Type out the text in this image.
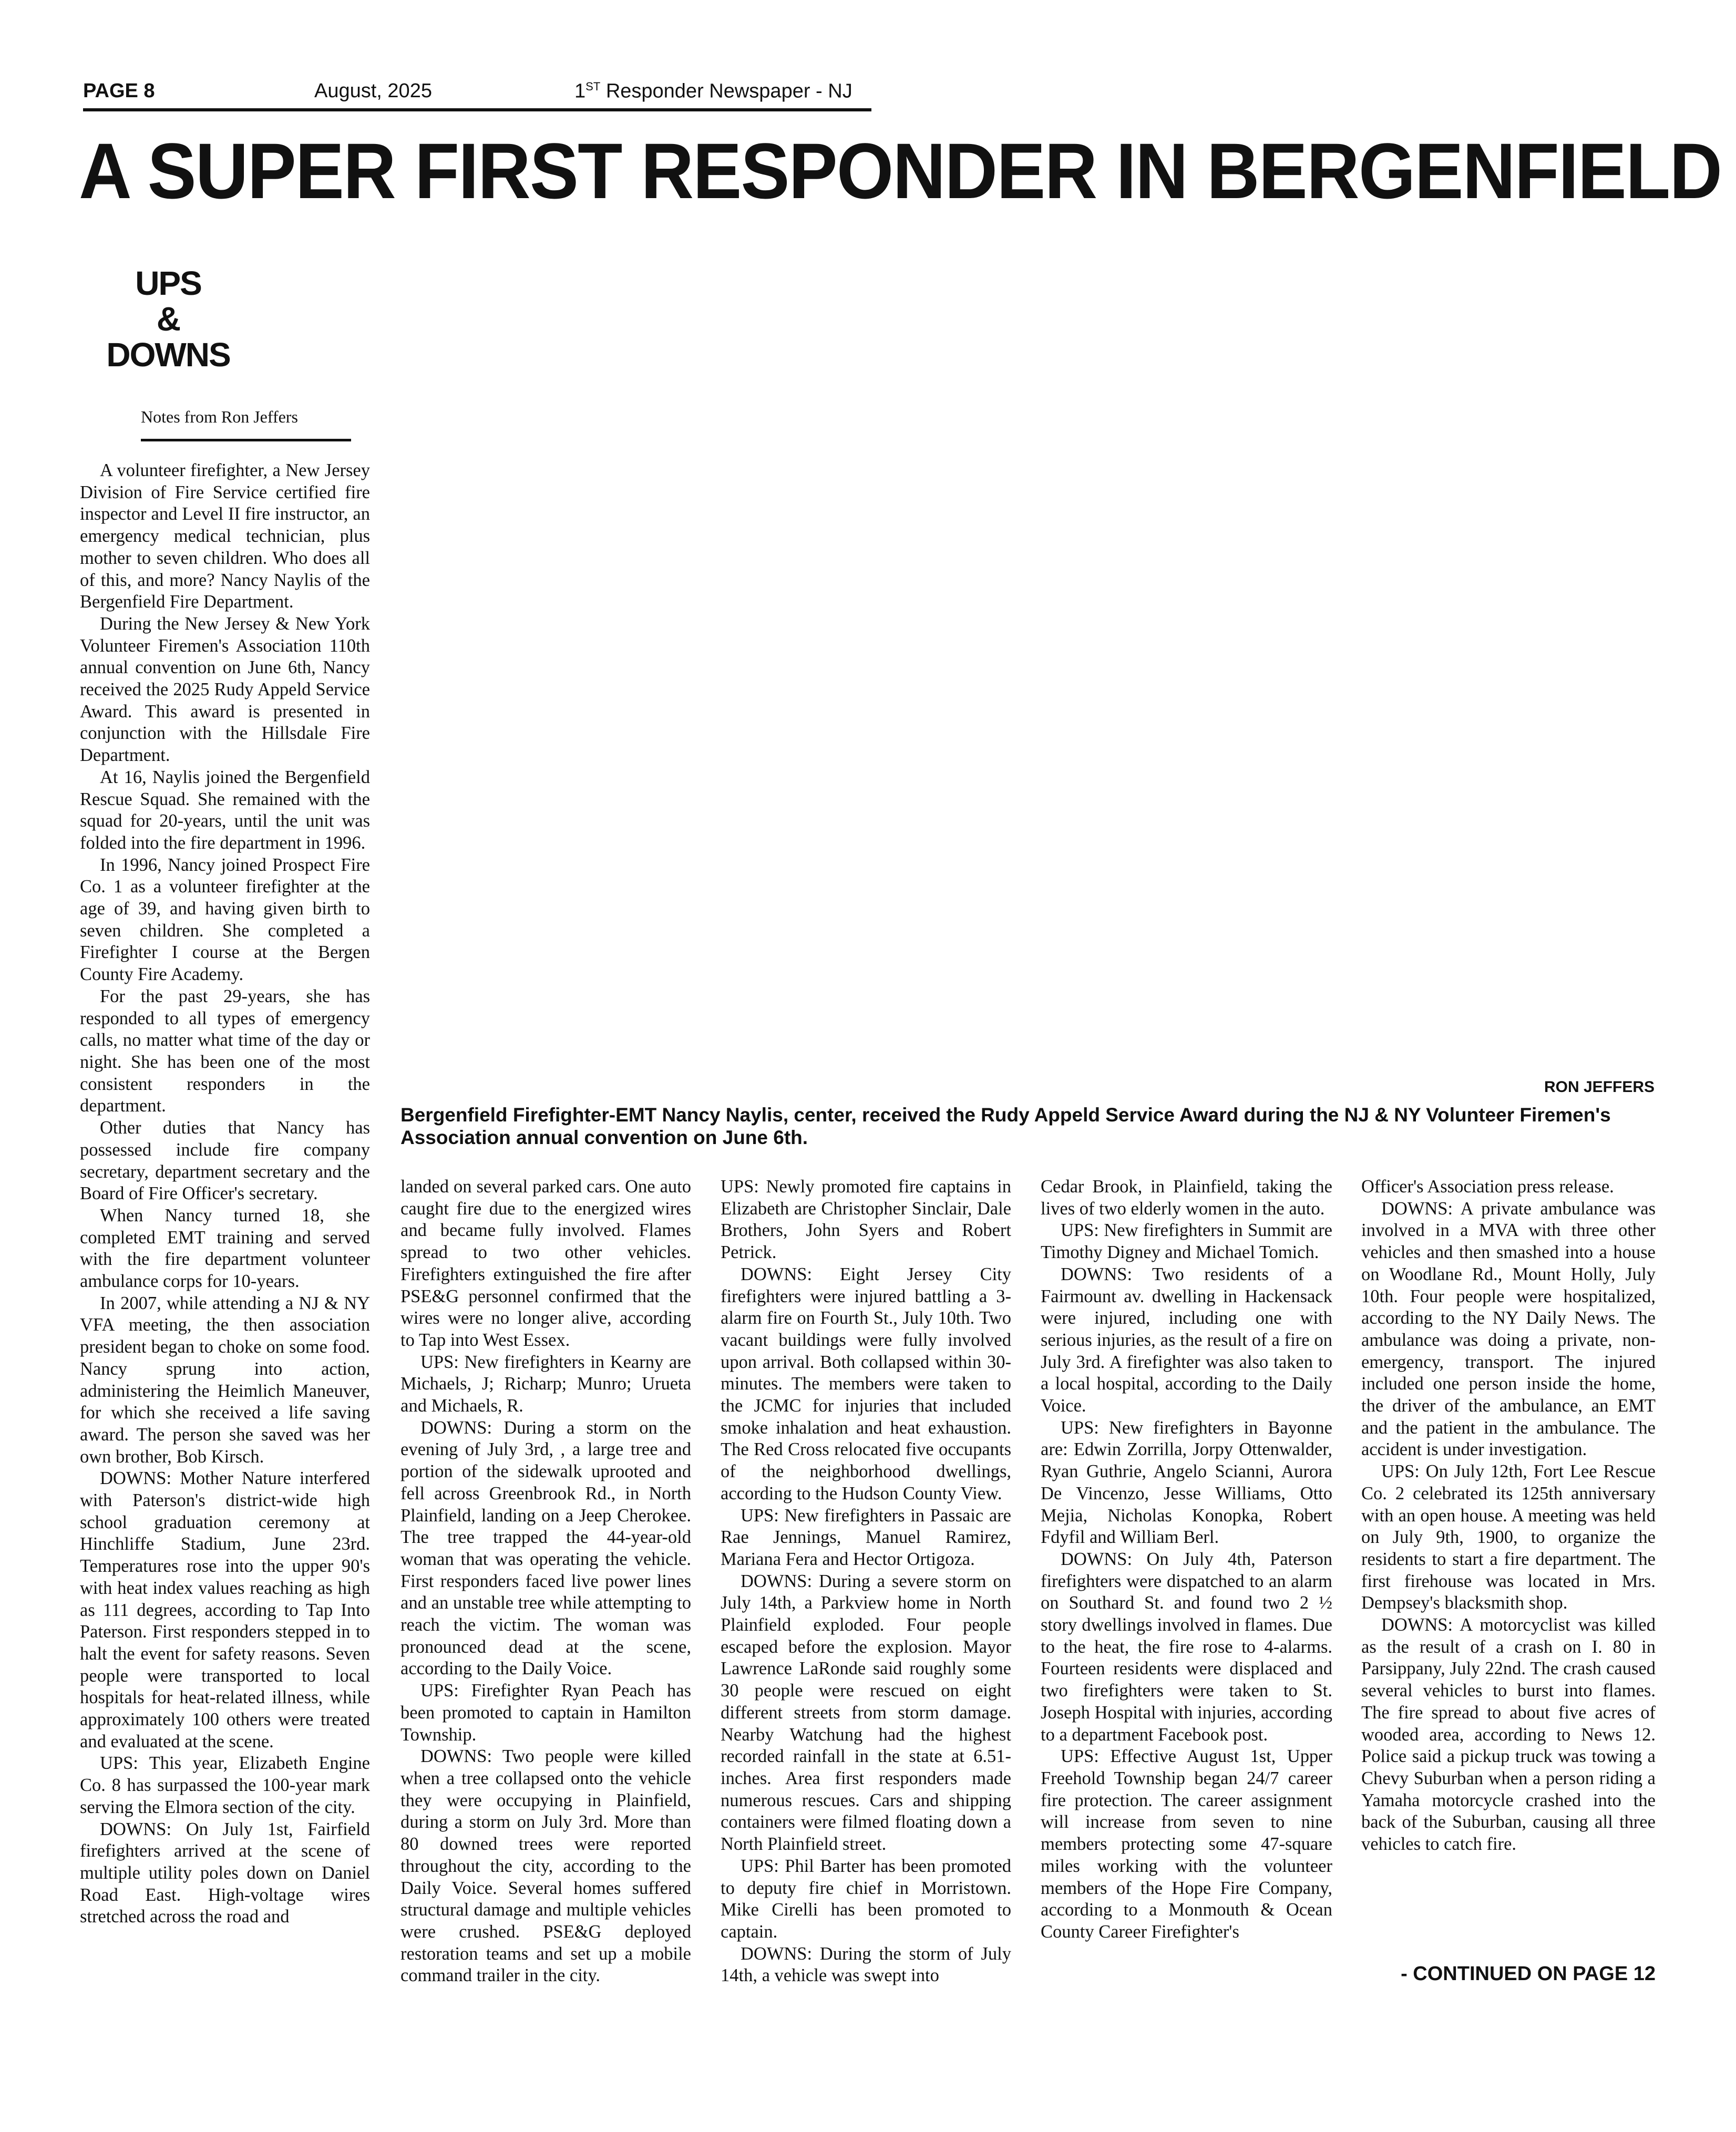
PAGE 8	August, 2025	1ST Responder Newspaper - NJ
A SUPER FIRST RESPONDER IN BERGENFIELD
UPS
&
DOWNS
Notes from Ron Jeffers
RON JEFFERS
Bergenfield Firefighter-EMT Nancy Naylis, center, received the Rudy Appeld Service Award during the NJ & NY Volunteer Firemen's Association annual convention on June 6th.

A volunteer firefighter, a New Jersey Division of Fire Service certified fire inspector and Level II fire instructor, an emergency medical technician, plus mother to seven children. Who does all of this, and more? Nancy Naylis of the Bergenfield Fire Department.

During the New Jersey & New York Volunteer Firemen's Association 110th annual convention on June 6th, Nancy received the 2025 Rudy Appeld Service Award. This award is presented in conjunction with the Hillsdale Fire Department.

At 16, Naylis joined the Bergenfield Rescue Squad. She remained with the squad for 20-years, until the unit was folded into the fire department in 1996.

In 1996, Nancy joined Prospect Fire Co. 1 as a volunteer firefighter at the age of 39, and having given birth to seven children. She completed a Firefighter I course at the Bergen County Fire Academy.

For the past 29-years, she has responded to all types of emergency calls, no matter what time of the day or night. She has been one of the most consistent responders in the department.

Other duties that Nancy has possessed include fire company secretary, department secretary and the Board of Fire Officer's secretary.

When Nancy turned 18, she completed EMT training and served with the fire department volunteer ambulance corps for 10-years.

In 2007, while attending a NJ & NY VFA meeting, the then association president began to choke on some food. Nancy sprung into action, administering the Heimlich Maneuver, for which she received a life saving award. The person she saved was her own brother, Bob Kirsch.

DOWNS: Mother Nature interfered with Paterson's district-wide high school graduation ceremony at Hinchliffe Stadium, June 23rd. Temperatures rose into the upper 90's with heat index values reaching as high as 111 degrees, according to Tap Into Paterson. First responders stepped in to halt the event for safety reasons. Seven people were transported to local hospitals for heat-related illness, while approximately 100 others were treated and evaluated at the scene.

UPS: This year, Elizabeth Engine Co. 8 has surpassed the 100-year mark serving the Elmora section of the city.

DOWNS: On July 1st, Fairfield firefighters arrived at the scene of multiple utility poles down on Daniel Road East. High-voltage wires stretched across the road and

landed on several parked cars. One auto caught fire due to the energized wires and became fully involved. Flames spread to two other vehicles. Firefighters extinguished the fire after PSE&G personnel confirmed that the wires were no longer alive, according to Tap into West Essex.

UPS: New firefighters in Kearny are Michaels, J; Richarp; Munro; Urueta and Michaels, R.

DOWNS: During a storm on the evening of July 3rd, , a large tree and portion of the sidewalk uprooted and fell across Greenbrook Rd., in North Plainfield, landing on a Jeep Cherokee. The tree trapped the 44-year-old woman that was operating the vehicle. First responders faced live power lines and an unstable tree while attempting to reach the victim. The woman was pronounced dead at the scene, according to the Daily Voice.

UPS: Firefighter Ryan Peach has been promoted to captain in Hamilton Township.

DOWNS: Two people were killed when a tree collapsed onto the vehicle they were occupying in Plainfield, during a storm on July 3rd. More than 80 downed trees were reported throughout the city, according to the Daily Voice. Several homes suffered structural damage and multiple vehicles were crushed. PSE&G deployed restoration teams and set up a mobile command trailer in the city.

UPS: Newly promoted fire captains in Elizabeth are Christopher Sinclair, Dale Brothers, John Syers and Robert Petrick.

DOWNS: Eight Jersey City firefighters were injured battling a 3-alarm fire on Fourth St., July 10th. Two vacant buildings were fully involved upon arrival. Both collapsed within 30-minutes. The members were taken to the JCMC for injuries that included smoke inhalation and heat exhaustion. The Red Cross relocated five occupants of the neighborhood dwellings, according to the Hudson County View.

UPS: New firefighters in Passaic are Rae Jennings, Manuel Ramirez, Mariana Fera and Hector Ortigoza.

DOWNS: During a severe storm on July 14th, a Parkview home in North Plainfield exploded. Four people escaped before the explosion. Mayor Lawrence LaRonde said roughly some 30 people were rescued on eight different streets from storm damage. Nearby Watchung had the highest recorded rainfall in the state at 6.51-inches. Area first responders made numerous rescues. Cars and shipping containers were filmed floating down a North Plainfield street.

UPS: Phil Barter has been promoted to deputy fire chief in Morristown. Mike Cirelli has been promoted to captain.

DOWNS: During the storm of July 14th, a vehicle was swept into

Cedar Brook, in Plainfield, taking the lives of two elderly women in the auto.

UPS: New firefighters in Summit are Timothy Digney and Michael Tomich.

DOWNS: Two residents of a Fairmount av. dwelling in Hackensack were injured, including one with serious injuries, as the result of a fire on July 3rd. A firefighter was also taken to a local hospital, according to the Daily Voice.

UPS: New firefighters in Bayonne are: Edwin Zorrilla, Jorpy Ottenwalder, Ryan Guthrie, Angelo Scianni, Aurora De Vincenzo, Jesse Williams, Otto Mejia, Nicholas Konopka, Robert Fdyfil and William Berl.

DOWNS: On July 4th, Paterson firefighters were dispatched to an alarm on Southard St. and found two 2 ½ story dwellings involved in flames. Due to the heat, the fire rose to 4-alarms. Fourteen residents were displaced and two firefighters were taken to St. Joseph Hospital with injuries, according to a department Facebook post.

UPS: Effective August 1st, Upper Freehold Township began 24/7 career fire protection. The career assignment will increase from seven to nine members protecting some 47-square miles working with the volunteer members of the Hope Fire Company, according to a Monmouth & Ocean County Career Firefighter's

Officer's Association press release.

DOWNS: A private ambulance was involved in a MVA with three other vehicles and then smashed into a house on Woodlane Rd., Mount Holly, July 10th. Four people were hospitalized, according to the NY Daily News. The ambulance was doing a private, non-emergency, transport. The injured included one person inside the home, the driver of the ambulance, an EMT and the patient in the ambulance. The accident is under investigation.

UPS: On July 12th, Fort Lee Rescue Co. 2 celebrated its 125th anniversary with an open house. A meeting was held on July 9th, 1900, to organize the residents to start a fire department. The first firehouse was located in Mrs. Dempsey's blacksmith shop.

DOWNS: A motorcyclist was killed as the result of a crash on I. 80 in Parsippany, July 22nd. The crash caused several vehicles to burst into flames. The fire spread to about five acres of wooded area, according to News 12. Police said a pickup truck was towing a Chevy Suburban when a person riding a Yamaha motorcycle crashed into the back of the Suburban, causing all three vehicles to catch fire.

- CONTINUED ON PAGE 12
